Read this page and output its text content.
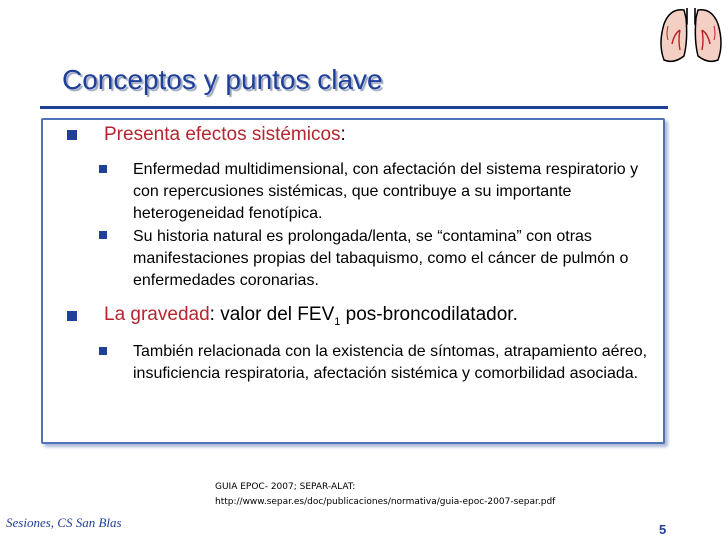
Conceptos y puntos clave
Presenta efectos sistémicos:
Enfermedad multidimensional, con afectación del sistema respiratorio y con repercusiones sistémicas, que contribuye a su importante heterogeneidad fenotípica.
Su historia natural es prolongada/lenta, se “contamina” con otras manifestaciones propias del tabaquismo, como el cáncer de pulmón o enfermedades coronarias.
La gravedad: valor del $FEV_1$ pos-broncodilatador.
También relacionada con la existencia de síntomas, atrapamiento aéreo, insuficiencia respiratoria, afectación sistémica y comorbilidad asociada.
GUIA EPOC- 2007; SEPAR-ALAT:
http://www.separ.es/doc/publicaciones/normativa/guia-epoc-2007-separ.pdf
Sesiones, CS San Blas	5
